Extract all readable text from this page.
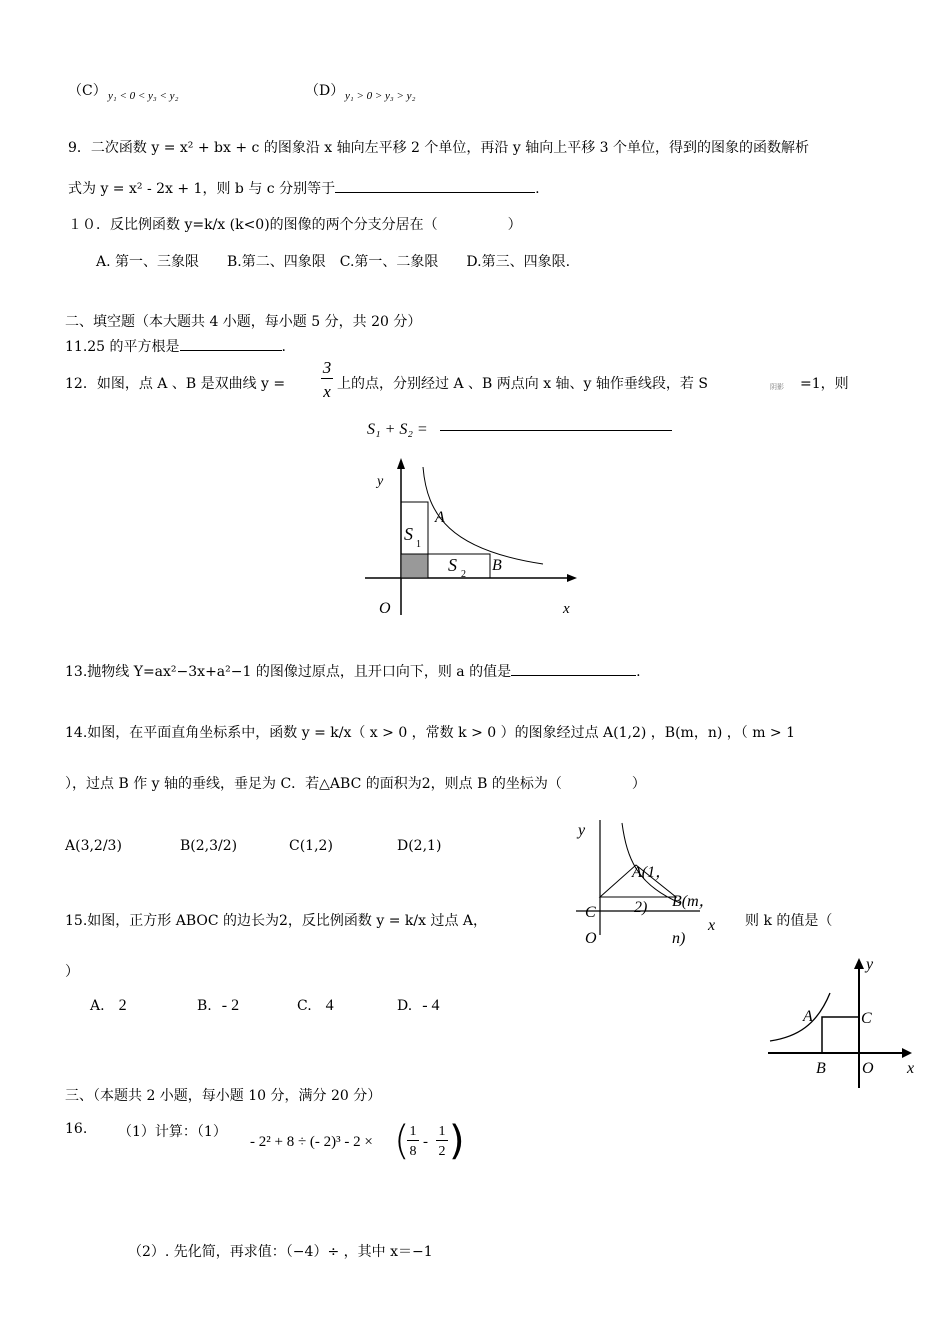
（C） y₁ < 0 < y₃ < y₂	（D） y₁ > 0 > y₃ > y₂
9．二次函数 y = x² + bx + c 的图象沿 x 轴向左平移 2 个单位，再沿 y 轴向上平移 3 个单位，得到的图象的函数解析
式为 y = x² - 2x + 1，则 b 与 c 分别等于	.
１０．反比例函数 y=k/x (k<0)的图像的两个分支分居在（　　　　　）
A. 第一、三象限　　B.第二、四象限　C.第一、二象限　　D.第三、四象限.
二、填空题（本大题共 4 小题，每小题 5 分，共 20 分）
11.25 的平方根是	.
12．如图，点 A 、B 是双曲线 y =
3
x 上的点，分别经过 A 、B 两点向 x 轴、y 轴作垂线段，若 S	阴影 =1，则
S₁ + S₂ =
y
O	x
A
B
S
1
S 2
13.抛物线 Y=ax²−3x+a²−1 的图像过原点，且开口向下，则 a 的值是	.
14.如图，在平面直角坐标系中，函数 y = k/x（ x > 0 ，常数 k > 0 ）的图象经过点 A(1,2) ，B(m，n) ，（ m > 1
），过点 B 作 y 轴的垂线，垂足为 C．若△ABC 的面积为2，则点 B 的坐标为（　　　　　）
A(3,2/3)	B(2,3/2)	C(1,2)	D(2,1)
y
C
O
x
A(1，
2) B(m，
n)
15.如图，正方形 ABOC 的边长为2，反比例函数 y = k/x 过点 A，	则 k 的值是（
）
A. 2	B. - 2	C. 4	D. - 4
y
x
A
B
C
O
三、（本题共 2 小题，每小题 10 分，满分 20 分）
16. （1）计算：（1）
- 2² + 8 ÷ (- 2)³ - 2 × ( 1
8
-
1
2 )
（2）. 先化简，再求值：（−4）÷ ，其中 x＝−1
